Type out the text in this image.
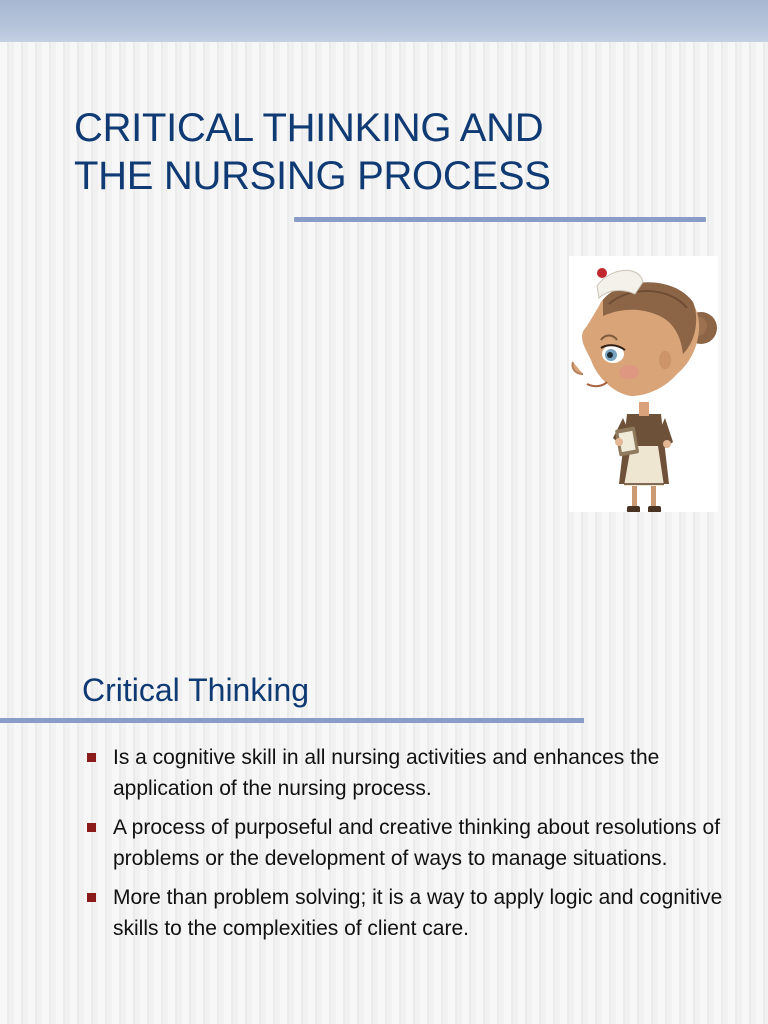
CRITICAL THINKING AND
THE NURSING PROCESS
Critical Thinking
Is a cognitive skill in all nursing activities and enhances the application of the nursing process.
A process of purposeful and creative thinking about resolutions of problems or the development of ways to manage situations.
More than problem solving; it is a way to apply logic and cognitive skills to the complexities of client care.
